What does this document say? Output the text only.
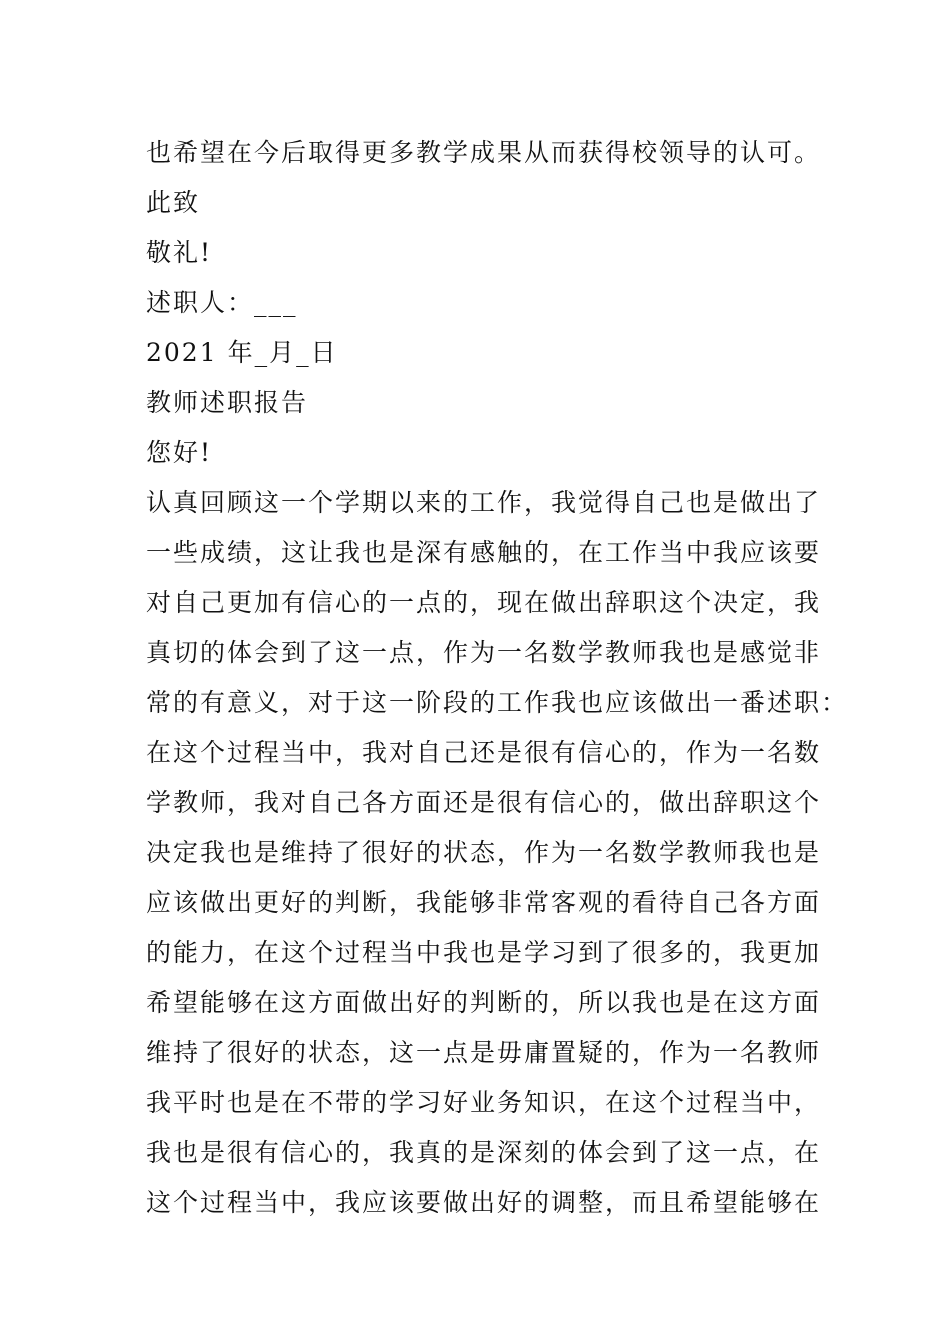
也希望在今后取得更多教学成果从而获得校领导的认可。
此致
敬礼!
述职人：___
2021 年_月_日
教师述职报告
您好!
认真回顾这一个学期以来的工作，我觉得自己也是做出了
一些成绩，这让我也是深有感触的，在工作当中我应该要
对自己更加有信心的一点的，现在做出辞职这个决定，我
真切的体会到了这一点，作为一名数学教师我也是感觉非
常的有意义，对于这一阶段的工作我也应该做出一番述职：
在这个过程当中，我对自己还是很有信心的，作为一名数
学教师，我对自己各方面还是很有信心的，做出辞职这个
决定我也是维持了很好的状态，作为一名数学教师我也是
应该做出更好的判断，我能够非常客观的看待自己各方面
的能力，在这个过程当中我也是学习到了很多的，我更加
希望能够在这方面做出好的判断的，所以我也是在这方面
维持了很好的状态，这一点是毋庸置疑的，作为一名教师
我平时也是在不带的学习好业务知识，在这个过程当中，
我也是很有信心的，我真的是深刻的体会到了这一点，在
这个过程当中，我应该要做出好的调整，而且希望能够在
